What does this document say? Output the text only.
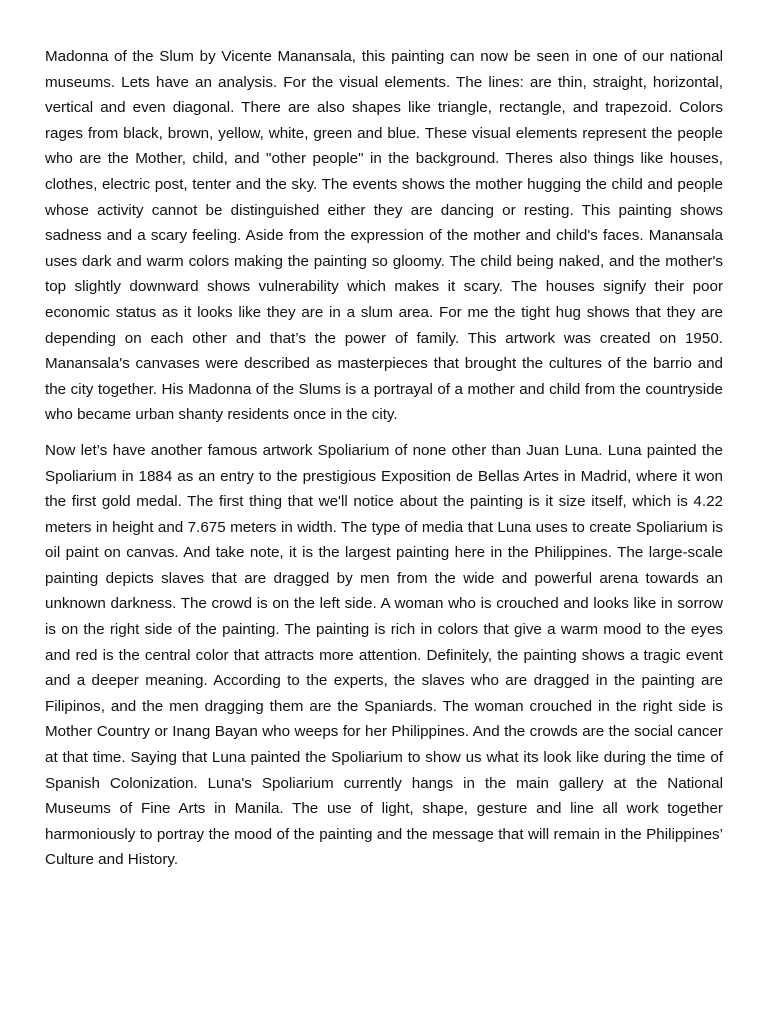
Madonna of the Slum by Vicente Manansala, this painting can now be seen in one of our national museums. Lets have an analysis. For the visual elements. The lines: are thin, straight, horizontal, vertical and even diagonal. There are also shapes like triangle, rectangle, and trapezoid. Colors rages from black, brown, yellow, white, green and blue. These visual elements represent the people who are the Mother, child, and "other people" in the background. Theres also things like houses, clothes, electric post, tenter and the sky. The events shows the mother hugging the child and people whose activity cannot be distinguished either they are dancing or resting. This painting shows sadness and a scary feeling. Aside from the expression of the mother and child's faces. Manansala uses dark and warm colors making the painting so gloomy. The child being naked, and the mother's top slightly downward shows vulnerability which makes it scary. The houses signify their poor economic status as it looks like they are in a slum area. For me the tight hug shows that they are depending on each other and that’s the power of family. This artwork was created on 1950. Manansala's canvases were described as masterpieces that brought the cultures of the barrio and the city together. His Madonna of the Slums is a portrayal of a mother and child from the countryside who became urban shanty residents once in the city.

Now let’s have another famous artwork Spoliarium of none other than Juan Luna. Luna painted the Spoliarium in 1884 as an entry to the prestigious Exposition de Bellas Artes in Madrid, where it won the first gold medal. The first thing that we'll notice about the painting is it size itself, which is 4.22 meters in height and 7.675 meters in width. The type of media that Luna uses to create Spoliarium is oil paint on canvas. And take note, it is the largest painting here in the Philippines. The large-scale painting depicts slaves that are dragged by men from the wide and powerful arena towards an unknown darkness. The crowd is on the left side. A woman who is crouched and looks like in sorrow is on the right side of the painting. The painting is rich in colors that give a warm mood to the eyes and red is the central color that attracts more attention. Definitely, the painting shows a tragic event and a deeper meaning. According to the experts, the slaves who are dragged in the painting are Filipinos, and the men dragging them are the Spaniards. The woman crouched in the right side is Mother Country or Inang Bayan who weeps for her Philippines. And the crowds are the social cancer at that time. Saying that Luna painted the Spoliarium to show us what its look like during the time of Spanish Colonization. Luna's Spoliarium currently hangs in the main gallery at the National Museums of Fine Arts in Manila. The use of light, shape, gesture and line all work together harmoniously to portray the mood of the painting and the message that will remain in the Philippines’ Culture and History.
